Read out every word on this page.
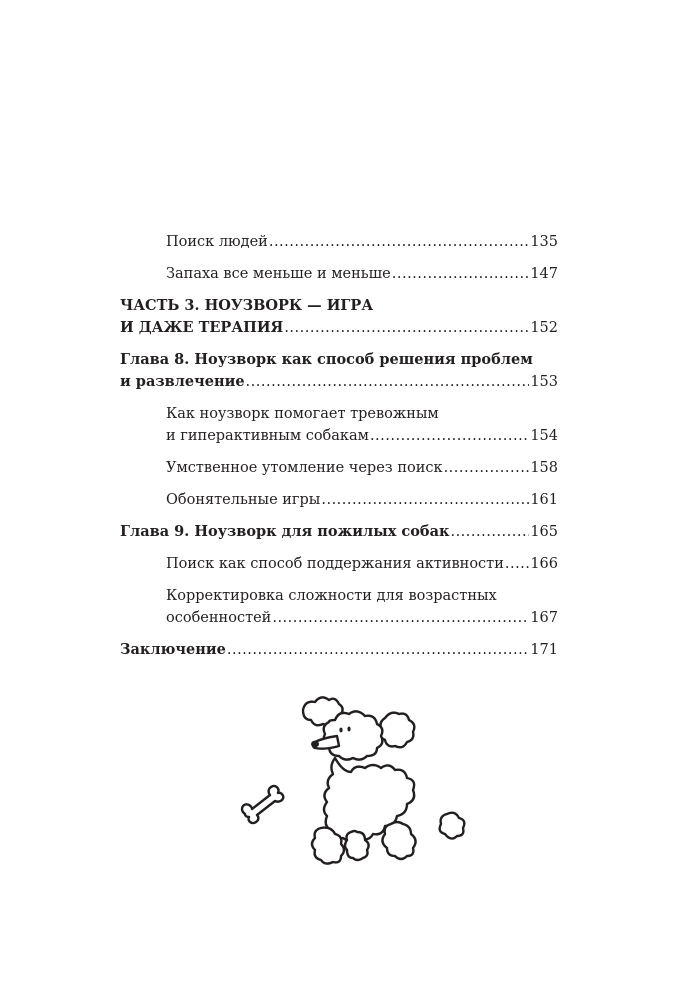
Поиск людей .....	135
Запаха все меньше и меньше .....	147
ЧАСТЬ 3. НОУЗВОРК — ИГРА
И ДАЖЕ ТЕРАПИЯ .....	152
Глава 8. Ноузворк как способ решения проблем
и развлечение .....	153
Как ноузворк помогает тревожным
и гиперактивным собакам .....	154
Умственное утомление через поиск .....	158
Обонятельные игры .....	161
Глава 9. Ноузворк для пожилых собак .....	165
Поиск как способ поддержания активности ..... 166
Корректировка сложности для возрастных
особенностей .....	167
Заключение .....	171
